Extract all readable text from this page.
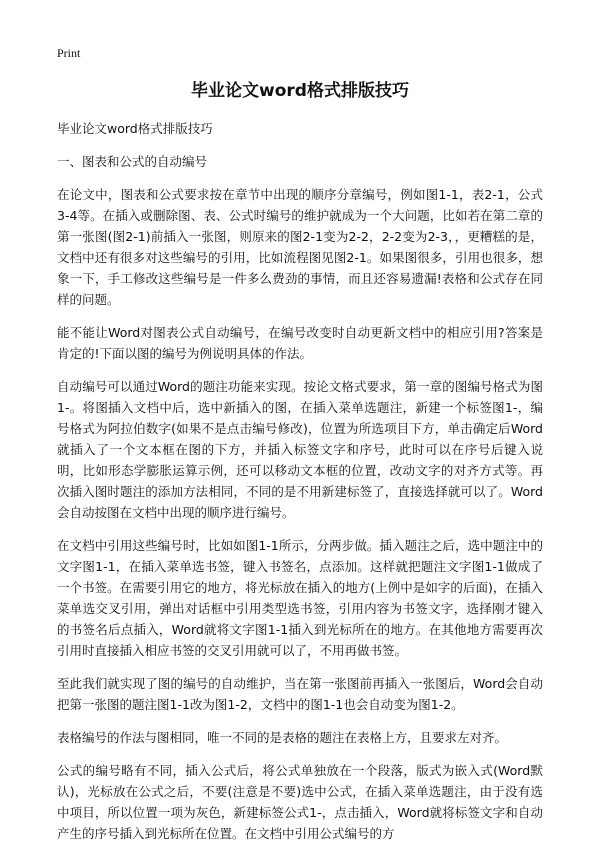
Print
毕业论文word格式排版技巧

毕业论文word格式排版技巧

一、图表和公式的自动编号

在论文中，图表和公式要求按在章节中出现的顺序分章编号，例如图1-1，表2-1，公式3-4等。在插入或删除图、表、公式时编号的维护就成为一个大问题，比如若在第二章的第一张图(图2-1)前插入一张图，则原来的图2-1变为2-2，2-2变为2-3，，更糟糕的是，文档中还有很多对这些编号的引用，比如流程图见图2-1。如果图很多，引用也很多，想象一下，手工修改这些编号是一件多么费劲的事情，而且还容易遗漏!表格和公式存在同样的问题。

能不能让Word对图表公式自动编号，在编号改变时自动更新文档中的相应引用?答案是肯定的!下面以图的编号为例说明具体的作法。

自动编号可以通过Word的题注功能来实现。按论文格式要求，第一章的图编号格式为图1-。将图插入文档中后，选中新插入的图，在插入菜单选题注，新建一个标签图1-，编号格式为阿拉伯数字(如果不是点击编号修改)，位置为所选项目下方，单击确定后Word就插入了一个文本框在图的下方，并插入标签文字和序号，此时可以在序号后键入说明，比如形态学膨胀运算示例，还可以移动文本框的位置，改动文字的对齐方式等。再次插入图时题注的添加方法相同，不同的是不用新建标签了，直接选择就可以了。Word会自动按图在文档中出现的顺序进行编号。

在文档中引用这些编号时，比如如图1-1所示，分两步做。插入题注之后，选中题注中的文字图1-1，在插入菜单选书签，键入书签名，点添加。这样就把题注文字图1-1做成了一个书签。在需要引用它的地方，将光标放在插入的地方(上例中是如字的后面)，在插入菜单选交叉引用，弹出对话框中引用类型选书签，引用内容为书签文字，选择刚才键入的书签名后点插入，Word就将文字图1-1插入到光标所在的地方。在其他地方需要再次引用时直接插入相应书签的交叉引用就可以了，不用再做书签。

至此我们就实现了图的编号的自动维护，当在第一张图前再插入一张图后，Word会自动把第一张图的题注图1-1改为图1-2，文档中的图1-1也会自动变为图1-2。

表格编号的作法与图相同，唯一不同的是表格的题注在表格上方，且要求左对齐。

公式的编号略有不同，插入公式后，将公式单独放在一个段落，版式为嵌入式(Word默认)，光标放在公式之后，不要(注意是不要)选中公式，在插入菜单选题注，由于没有选中项目，所以位置一项为灰色，新建标签公式1-，点击插入，Word就将标签文字和自动产生的序号插入到光标所在位置。在文档中引用公式编号的方
